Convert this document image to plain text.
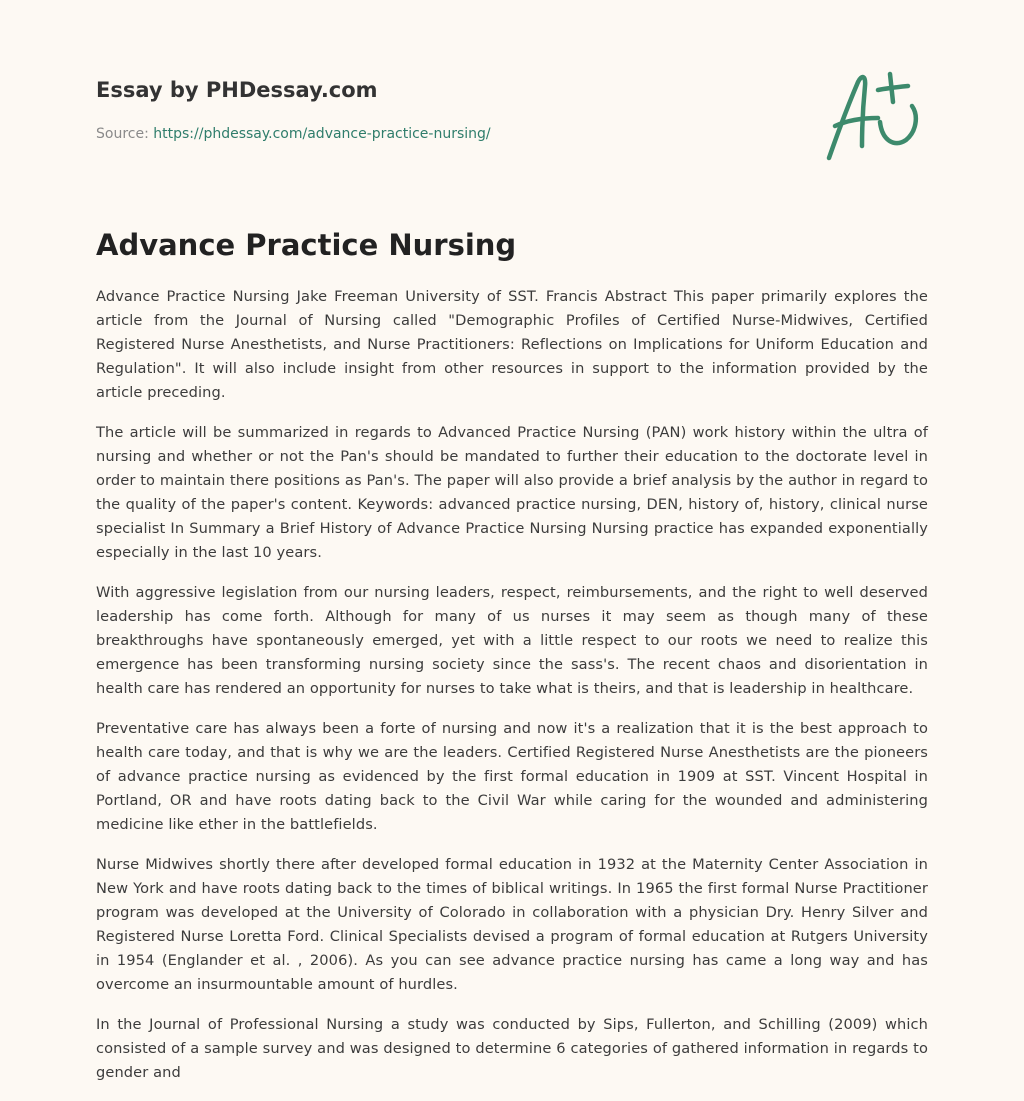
Essay by PHDessay.com
Source: https://phdessay.com/advance-practice-nursing/
Advance Practice Nursing

Advance Practice Nursing Jake Freeman University of SST. Francis Abstract This paper primarily explores the article from the Journal of Nursing called "Demographic Profiles of Certified Nurse-Midwives, Certified Registered Nurse Anesthetists, and Nurse Practitioners: Reflections on Implications for Uniform Education and Regulation". It will also include insight from other resources in support to the information provided by the article preceding.

The article will be summarized in regards to Advanced Practice Nursing (PAN) work history within the ultra of nursing and whether or not the Pan's should be mandated to further their education to the doctorate level in order to maintain there positions as Pan's. The paper will also provide a brief analysis by the author in regard to the quality of the paper's content. Keywords: advanced practice nursing, DEN, history of, history, clinical nurse specialist In Summary a Brief History of Advance Practice Nursing Nursing practice has expanded exponentially especially in the last 10 years.

With aggressive legislation from our nursing leaders, respect, reimbursements, and the right to well deserved leadership has come forth. Although for many of us nurses it may seem as though many of these breakthroughs have spontaneously emerged, yet with a little respect to our roots we need to realize this emergence has been transforming nursing society since the sass's. The recent chaos and disorientation in health care has rendered an opportunity for nurses to take what is theirs, and that is leadership in healthcare.

Preventative care has always been a forte of nursing and now it's a realization that it is the best approach to health care today, and that is why we are the leaders. Certified Registered Nurse Anesthetists are the pioneers of advance practice nursing as evidenced by the first formal education in 1909 at SST. Vincent Hospital in Portland, OR and have roots dating back to the Civil War while caring for the wounded and administering medicine like ether in the battlefields.

Nurse Midwives shortly there after developed formal education in 1932 at the Maternity Center Association in New York and have roots dating back to the times of biblical writings. In 1965 the first formal Nurse Practitioner program was developed at the University of Colorado in collaboration with a physician Dry. Henry Silver and Registered Nurse Loretta Ford. Clinical Specialists devised a program of formal education at Rutgers University in 1954 (Englander et al. , 2006). As you can see advance practice nursing has came a long way and has overcome an insurmountable amount of hurdles.

In the Journal of Professional Nursing a study was conducted by Sips, Fullerton, and Schilling (2009) which consisted of a sample survey and was designed to determine 6 categories of gathered information in regards to gender and
